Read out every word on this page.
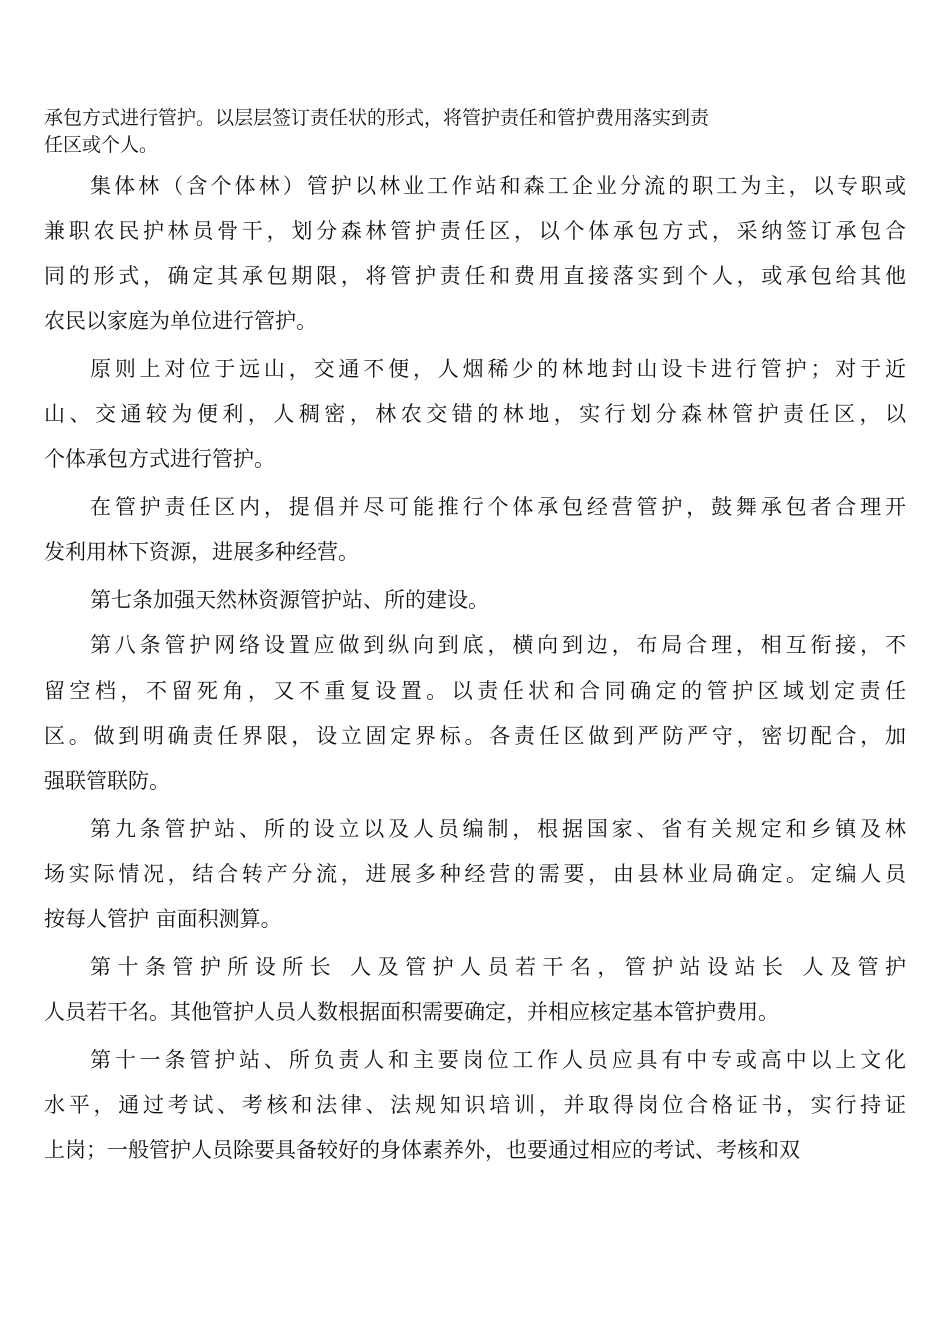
承包方式进行管护。以层层签订责任状的形式，将管护责任和管护费用落实到责
任区或个人。
集体林（含个体林）管护以林业工作站和森工企业分流的职工为主，以专职或
兼职农民护林员骨干，划分森林管护责任区，以个体承包方式，采纳签订承包合
同的形式，确定其承包期限，将管护责任和费用直接落实到个人，或承包给其他
农民以家庭为单位进行管护。
原则上对位于远山，交通不便，人烟稀少的林地封山设卡进行管护；对于近
山、交通较为便利，人稠密，林农交错的林地，实行划分森林管护责任区，以
个体承包方式进行管护。
在管护责任区内，提倡并尽可能推行个体承包经营管护，鼓舞承包者合理开
发利用林下资源，进展多种经营。
第七条加强天然林资源管护站、所的建设。
第八条管护网络设置应做到纵向到底，横向到边，布局合理，相互衔接，不
留空档，不留死角，又不重复设置。以责任状和合同确定的管护区域划定责任
区。做到明确责任界限，设立固定界标。各责任区做到严防严守，密切配合，加
强联管联防。
第九条管护站、所的设立以及人员编制，根据国家、省有关规定和乡镇及林
场实际情况，结合转产分流，进展多种经营的需要，由县林业局确定。定编人员
按每人管护 亩面积测算。
第十条管护所设所长 人及管护人员若干名，管护站设站长 人及管护
人员若干名。其他管护人员人数根据面积需要确定，并相应核定基本管护费用。
第十一条管护站、所负责人和主要岗位工作人员应具有中专或高中以上文化
水平，通过考试、考核和法律、法规知识培训，并取得岗位合格证书，实行持证
上岗；一般管护人员除要具备较好的身体素养外，也要通过相应的考试、考核和双
